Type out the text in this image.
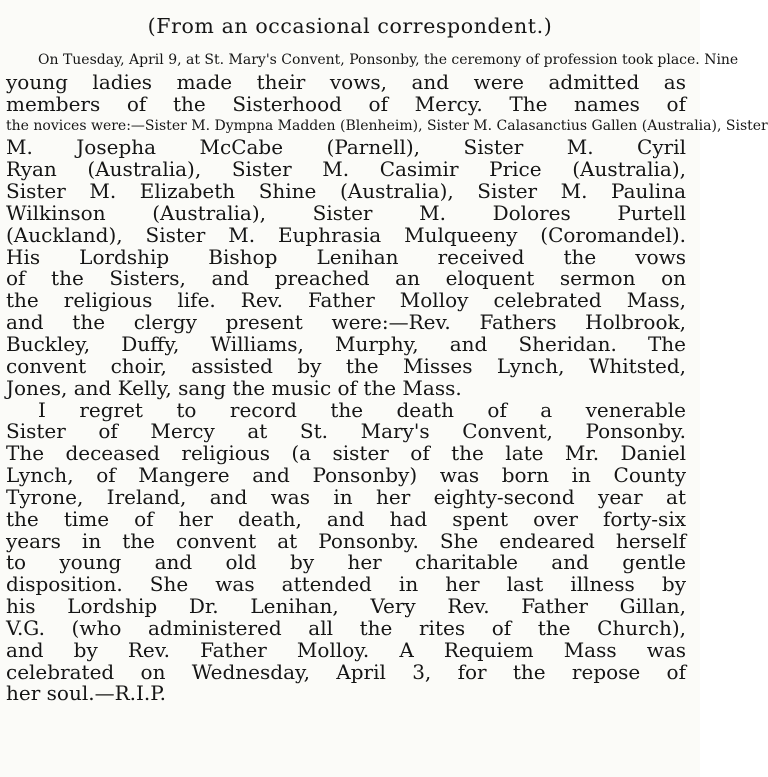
(From an occasional correspondent.)
On Tuesday, April 9, at St. Mary's Convent, Ponsonby, the ceremony of profession took place. Nine
young ladies made their vows, and were admitted as
members of the Sisterhood of Mercy. The names of
the novices were:—Sister M. Dympna Madden (Blenheim), Sister M. Calasanctius Gallen (Australia), Sister
M. Josepha McCabe (Parnell), Sister M. Cyril
Ryan (Australia), Sister M. Casimir Price (Australia),
Sister M. Elizabeth Shine (Australia), Sister M. Paulina
Wilkinson (Australia), Sister M. Dolores Purtell
(Auckland), Sister M. Euphrasia Mulqueeny (Coromandel).
His Lordship Bishop Lenihan received the vows
of the Sisters, and preached an eloquent sermon on
the religious life. Rev. Father Molloy celebrated Mass,
and the clergy present were:—Rev. Fathers Holbrook,
Buckley, Duffy, Williams, Murphy, and Sheridan. The
convent choir, assisted by the Misses Lynch, Whitsted,
Jones, and Kelly, sang the music of the Mass.
I regret to record the death of a venerable
Sister of Mercy at St. Mary's Convent, Ponsonby.
The deceased religious (a sister of the late Mr. Daniel
Lynch, of Mangere and Ponsonby) was born in County
Tyrone, Ireland, and was in her eighty-second year at
the time of her death, and had spent over forty-six
years in the convent at Ponsonby. She endeared herself
to young and old by her charitable and gentle
disposition. She was attended in her last illness by
his Lordship Dr. Lenihan, Very Rev. Father Gillan,
V.G. (who administered all the rites of the Church),
and by Rev. Father Molloy. A Requiem Mass was
celebrated on Wednesday, April 3, for the repose of
her soul.—R.I.P.
